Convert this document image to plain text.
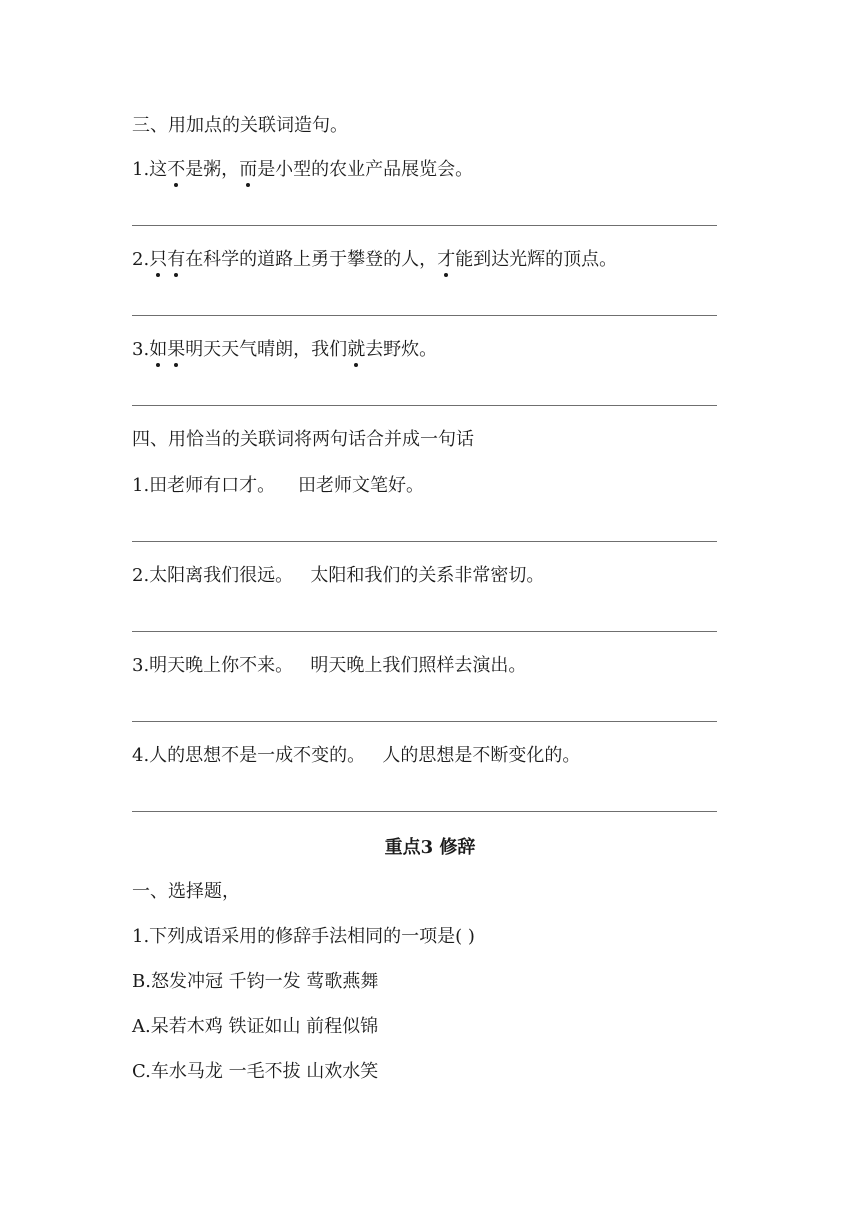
三、用加点的关联词造句。
1.这不是粥，而是小型的农业产品展览会。
2.只有在科学的道路上勇于攀登的人，才能到达光辉的顶点。
3.如果明天天气晴朗，我们就去野炊。
四、用恰当的关联词将两句话合并成一句话
1.田老师有口才。    田老师文笔好。
2.太阳离我们很远。   太阳和我们的关系非常密切。
3.明天晚上你不来。   明天晚上我们照样去演出。
4.人的思想不是一成不变的。   人的思想是不断变化的。
重点3 修辞
一、选择题，
1.下列成语采用的修辞手法相同的一项是( )
B.怒发冲冠 千钧一发 莺歌燕舞
A.呆若木鸡 铁证如山 前程似锦
C.车水马龙 一毛不拔 山欢水笑
